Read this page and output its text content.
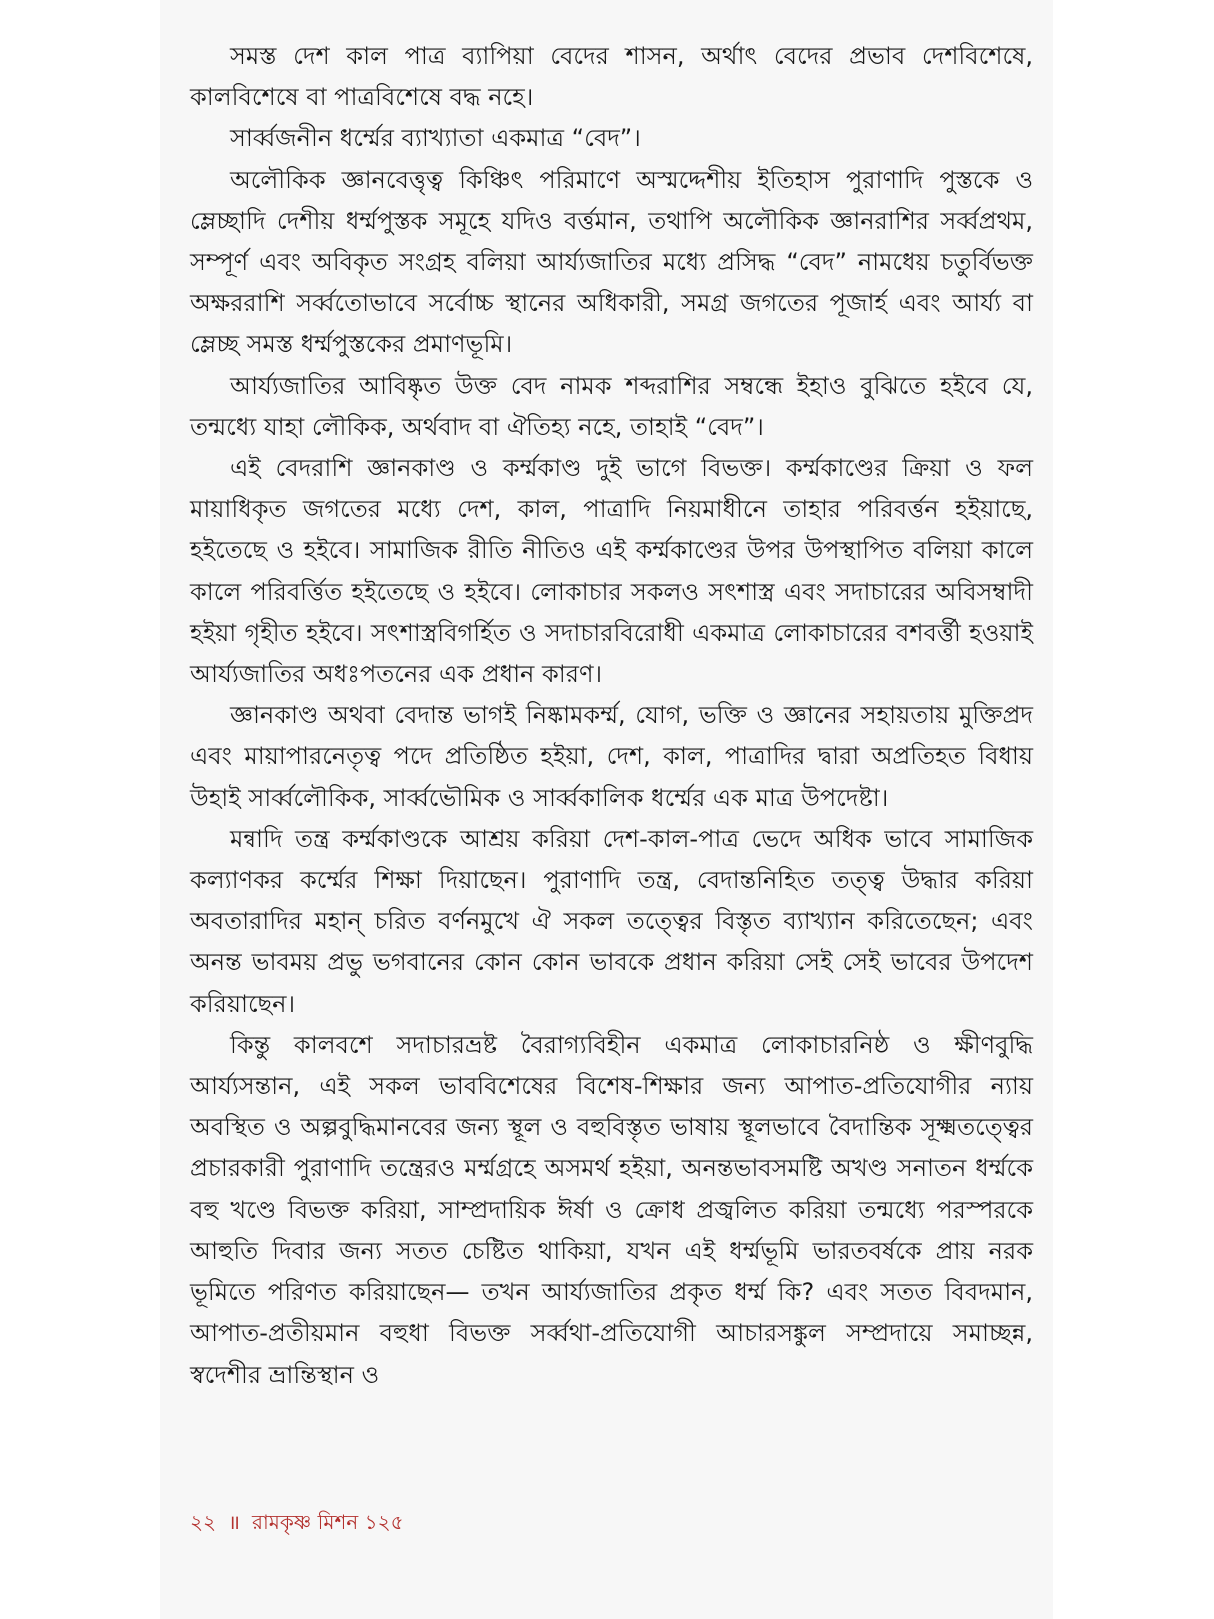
সমস্ত দেশ কাল পাত্র ব্যাপিয়া বেদের শাসন, অর্থাৎ বেদের প্রভাব দেশবিশেষে, কালবিশেষে বা পাত্রবিশেষে বদ্ধ নহে।

সার্ব্বজনীন ধর্ম্মের ব্যাখ্যাতা একমাত্র “বেদ”।

অলৌকিক জ্ঞানবেত্তৃত্ব কিঞ্চিৎ পরিমাণে অস্মদ্দেশীয় ইতিহাস পুরাণাদি পুস্তকে ও ম্লেচ্ছাদি দেশীয় ধর্ম্মপুস্তক সমূহে যদিও বর্ত্তমান, তথাপি অলৌকিক জ্ঞানরাশির সর্ব্বপ্রথম, সম্পূর্ণ এবং অবিকৃত সংগ্রহ বলিয়া আর্য্যজাতির মধ্যে প্রসিদ্ধ “বেদ” নামধেয় চতুর্বিভক্ত অক্ষররাশি সর্ব্বতোভাবে সর্বোচ্চ স্থানের অধিকারী, সমগ্র জগতের পূজার্হ এবং আর্য্য বা ম্লেচ্ছ সমস্ত ধর্ম্মপুস্তকের প্রমাণভূমি।

আর্য্যজাতির আবিষ্কৃত উক্ত বেদ নামক শব্দরাশির সম্বন্ধে ইহাও বুঝিতে হইবে যে, তন্মধ্যে যাহা লৌকিক, অর্থবাদ বা ঐতিহ্য নহে, তাহাই “বেদ”।

এই বেদরাশি জ্ঞানকাণ্ড ও কর্ম্মকাণ্ড দুই ভাগে বিভক্ত। কর্ম্মকাণ্ডের ক্রিয়া ও ফল মায়াধিকৃত জগতের মধ্যে দেশ, কাল, পাত্রাদি নিয়মাধীনে তাহার পরিবর্ত্তন হইয়াছে, হইতেছে ও হইবে। সামাজিক রীতি নীতিও এই কর্ম্মকাণ্ডের উপর উপস্থাপিত বলিয়া কালে কালে পরিবর্ত্তিত হইতেছে ও হইবে। লোকাচার সকলও সৎশাস্ত্র এবং সদাচারের অবিসম্বাদী হইয়া গৃহীত হইবে। সৎশাস্ত্রবিগর্হিত ও সদাচারবিরোধী একমাত্র লোকাচারের বশবর্ত্তী হওয়াই আর্য্যজাতির অধঃপতনের এক প্রধান কারণ।

জ্ঞানকাণ্ড অথবা বেদান্ত ভাগই নিষ্কামকর্ম্ম, যোগ, ভক্তি ও জ্ঞানের সহায়তায় মুক্তিপ্রদ এবং মায়াপারনেতৃত্ব পদে প্রতিষ্ঠিত হইয়া, দেশ, কাল, পাত্রাদির দ্বারা অপ্রতিহত বিধায় উহাই সার্ব্বলৌকিক, সার্ব্বভৌমিক ও সার্ব্বকালিক ধর্ম্মের এক মাত্র উপদেষ্টা।

মন্বাদি তন্ত্র কর্ম্মকাণ্ডকে আশ্রয় করিয়া দেশ-কাল-পাত্র ভেদে অধিক ভাবে সামাজিক কল্যাণকর কর্ম্মের শিক্ষা দিয়াছেন। পুরাণাদি তন্ত্র, বেদান্তনিহিত তত্ত্ব উদ্ধার করিয়া অবতারাদির মহান্ চরিত বর্ণনমুখে ঐ সকল তত্ত্বের বিস্তৃত ব্যাখ্যান করিতেছেন; এবং অনন্ত ভাবময় প্রভু ভগবানের কোন কোন ভাবকে প্রধান করিয়া সেই সেই ভাবের উপদেশ করিয়াছেন।

কিন্তু কালবশে সদাচারভ্রষ্ট বৈরাগ্যবিহীন একমাত্র লোকাচারনিষ্ঠ ও ক্ষীণবুদ্ধি আর্য্যসন্তান, এই সকল ভাববিশেষের বিশেষ-শিক্ষার জন্য আপাত-প্রতিযোগীর ন্যায় অবস্থিত ও অল্পবুদ্ধিমানবের জন্য স্থূল ও বহুবিস্তৃত ভাষায় স্থূলভাবে বৈদান্তিক সূক্ষ্মতত্ত্বের প্রচারকারী পুরাণাদি তন্ত্রেরও মর্ম্মগ্রহে অসমর্থ হইয়া, অনন্তভাবসমষ্টি অখণ্ড সনাতন ধর্ম্মকে বহু খণ্ডে বিভক্ত করিয়া, সাম্প্রদায়িক ঈর্ষা ও ক্রোধ প্রজ্বলিত করিয়া তন্মধ্যে পরস্পরকে আহুতি দিবার জন্য সতত চেষ্টিত থাকিয়া, যখন এই ধর্ম্মভূমি ভারতবর্ষকে প্রায় নরক ভূমিতে পরিণত করিয়াছেন— তখন আর্য্যজাতির প্রকৃত ধর্ম্ম কি? এবং সতত বিবদমান, আপাত-প্রতীয়মান বহুধা বিভক্ত সর্ব্বথা-প্রতিযোগী আচারসঙ্কুল সম্প্রদায়ে সমাচ্ছন্ন, স্বদেশীর ভ্রান্তিস্থান ও

২২ ॥ রামকৃষ্ণ মিশন ১২৫
